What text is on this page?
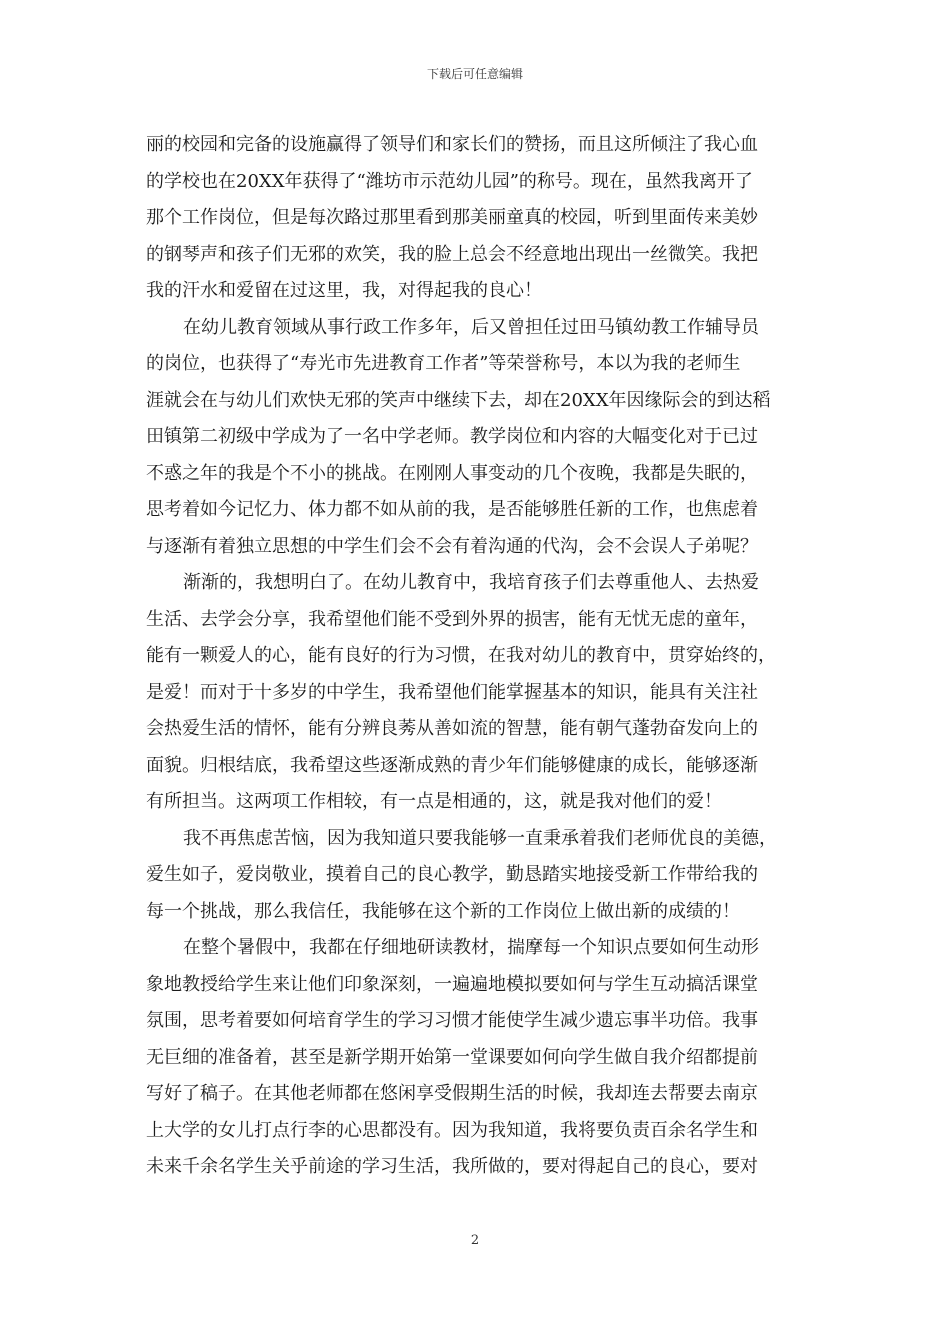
下载后可任意编辑
丽的校园和完备的设施赢得了领导们和家长们的赞扬，而且这所倾注了我心血
的学校也在20XX年获得了“潍坊市示范幼儿园”的称号。现在，虽然我离开了
那个工作岗位，但是每次路过那里看到那美丽童真的校园，听到里面传来美妙
的钢琴声和孩子们无邪的欢笑，我的脸上总会不经意地出现出一丝微笑。我把
我的汗水和爱留在过这里，我，对得起我的良心！
在幼儿教育领域从事行政工作多年，后又曾担任过田马镇幼教工作辅导员
的岗位，也获得了“寿光市先进教育工作者”等荣誉称号，本以为我的老师生
涯就会在与幼儿们欢快无邪的笑声中继续下去，却在20XX年因缘际会的到达稻
田镇第二初级中学成为了一名中学老师。教学岗位和内容的大幅变化对于已过
不惑之年的我是个不小的挑战。在刚刚人事变动的几个夜晚，我都是失眠的，
思考着如今记忆力、体力都不如从前的我，是否能够胜任新的工作，也焦虑着
与逐渐有着独立思想的中学生们会不会有着沟通的代沟，会不会误人子弟呢？
渐渐的，我想明白了。在幼儿教育中，我培育孩子们去尊重他人、去热爱
生活、去学会分享，我希望他们能不受到外界的损害，能有无忧无虑的童年，
能有一颗爱人的心，能有良好的行为习惯，在我对幼儿的教育中，贯穿始终的，
是爱！而对于十多岁的中学生，我希望他们能掌握基本的知识，能具有关注社
会热爱生活的情怀，能有分辨良莠从善如流的智慧，能有朝气蓬勃奋发向上的
面貌。归根结底，我希望这些逐渐成熟的青少年们能够健康的成长，能够逐渐
有所担当。这两项工作相较，有一点是相通的，这，就是我对他们的爱！
我不再焦虑苦恼，因为我知道只要我能够一直秉承着我们老师优良的美德，
爱生如子，爱岗敬业，摸着自己的良心教学，勤恳踏实地接受新工作带给我的
每一个挑战，那么我信任，我能够在这个新的工作岗位上做出新的成绩的！
在整个暑假中，我都在仔细地研读教材，揣摩每一个知识点要如何生动形
象地教授给学生来让他们印象深刻，一遍遍地模拟要如何与学生互动搞活课堂
氛围，思考着要如何培育学生的学习习惯才能使学生减少遗忘事半功倍。我事
无巨细的准备着，甚至是新学期开始第一堂课要如何向学生做自我介绍都提前
写好了稿子。在其他老师都在悠闲享受假期生活的时候，我却连去帮要去南京
上大学的女儿打点行李的心思都没有。因为我知道，我将要负责百余名学生和
未来千余名学生关乎前途的学习生活，我所做的，要对得起自己的良心，要对
2
